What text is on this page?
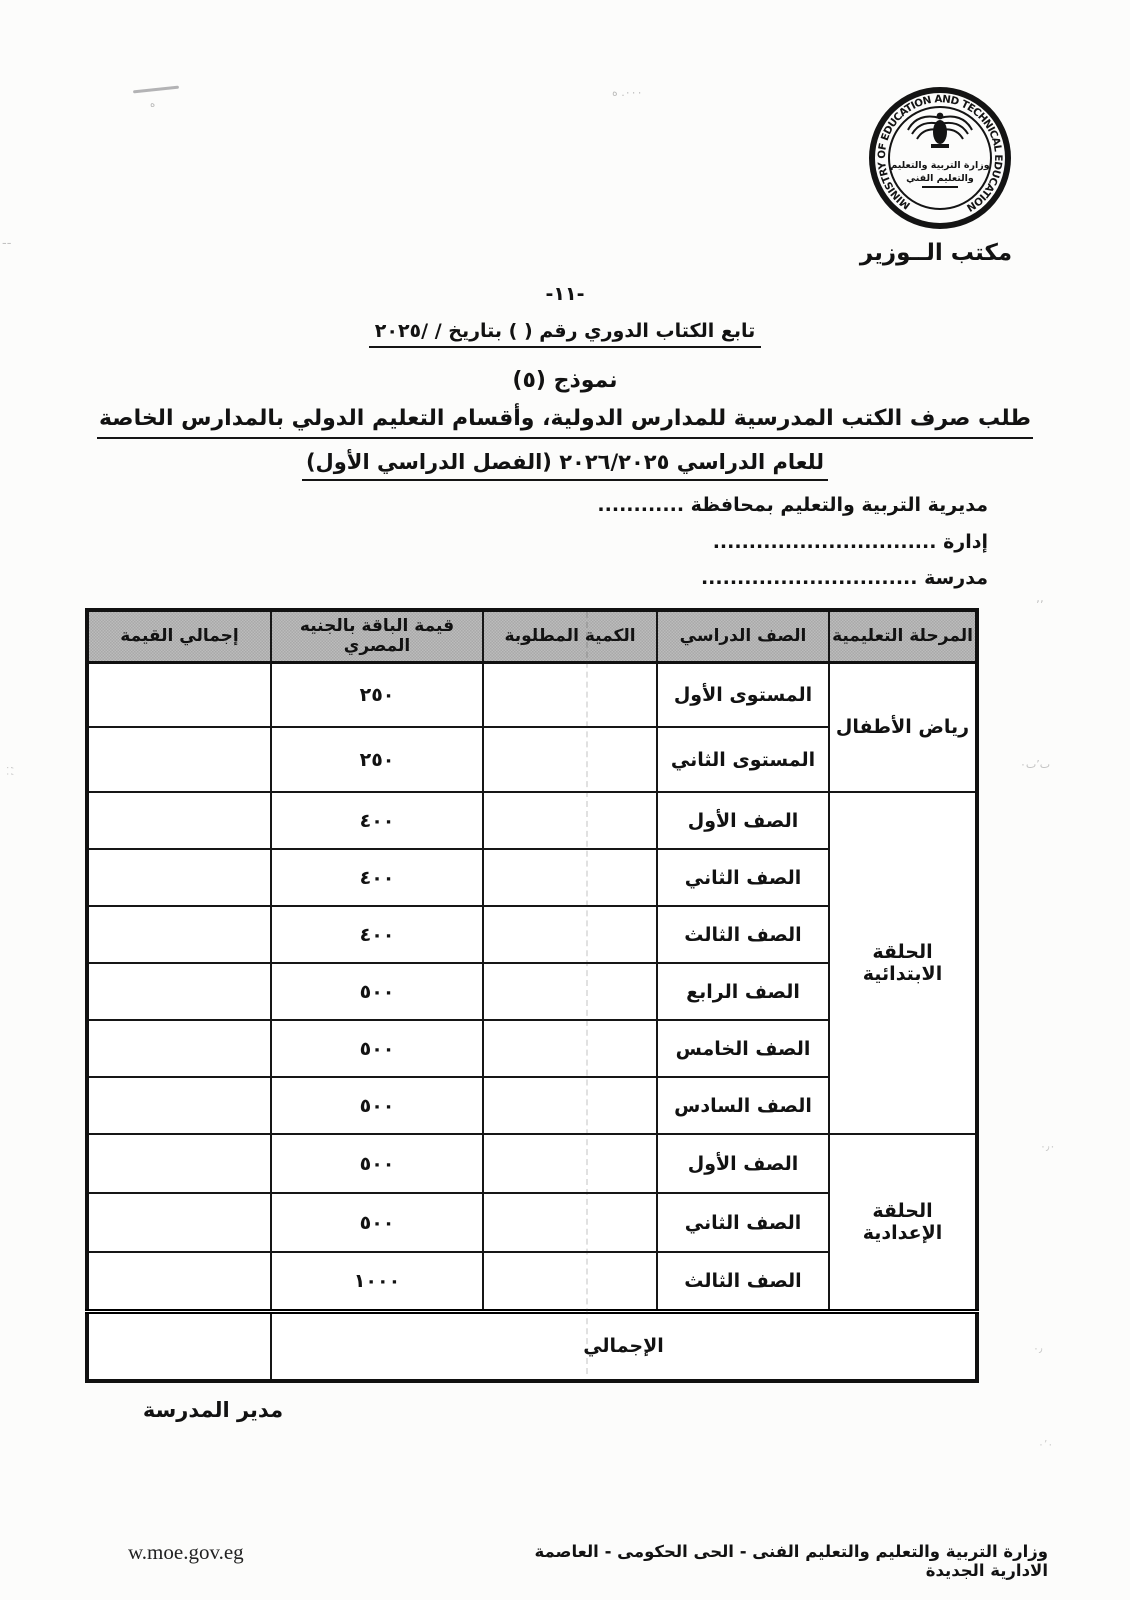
MINISTRY OF EDUCATION AND TECHNICAL EDUCATION
وزارة التربية والتعليم
والتعليم الفني
مكتب الــوزير
-١١-
تابع الكتاب الدوري رقم ( ) بتاريخ / /٢٠٢٥
نموذج (٥)
طلب صرف الكتب المدرسية للمدارس الدولية، وأقسام التعليم الدولي بالمدارس الخاصة
للعام الدراسي ٢٠٢٦/٢٠٢٥ (الفصل الدراسي الأول)
مديرية التربية والتعليم بمحافظة ............
إدارة ...............................
مدرسة ..............................
المرحلة التعليمية	الصف الدراسي	الكمية المطلوبة	قيمة الباقة بالجنيه المصري	إجمالي القيمة
رياض الأطفال	المستوى الأول		٢٥٠	
	المستوى الثاني		٢٥٠	
الحلقة الابتدائية	الصف الأول		٤٠٠	
	الصف الثاني		٤٠٠	
	الصف الثالث		٤٠٠	
	الصف الرابع		٥٠٠	
	الصف الخامس		٥٠٠	
	الصف السادس		٥٠٠	
الحلقة الإعدادية	الصف الأول		٥٠٠	
	الصف الثاني		٥٠٠	
	الصف الثالث		١٠٠٠	
الإجمالي				
مدير المدرسة
وزارة التربية والتعليم والتعليم الفنى - الحى الحكومى - العاصمة الادارية الجديدة
w.moe.gov.eg
ه
٠٠٠. ه
٬٬
ٮ٬ٮ٠
٠٫٠
٠٫
٠٬٠
--
؛ ؛
